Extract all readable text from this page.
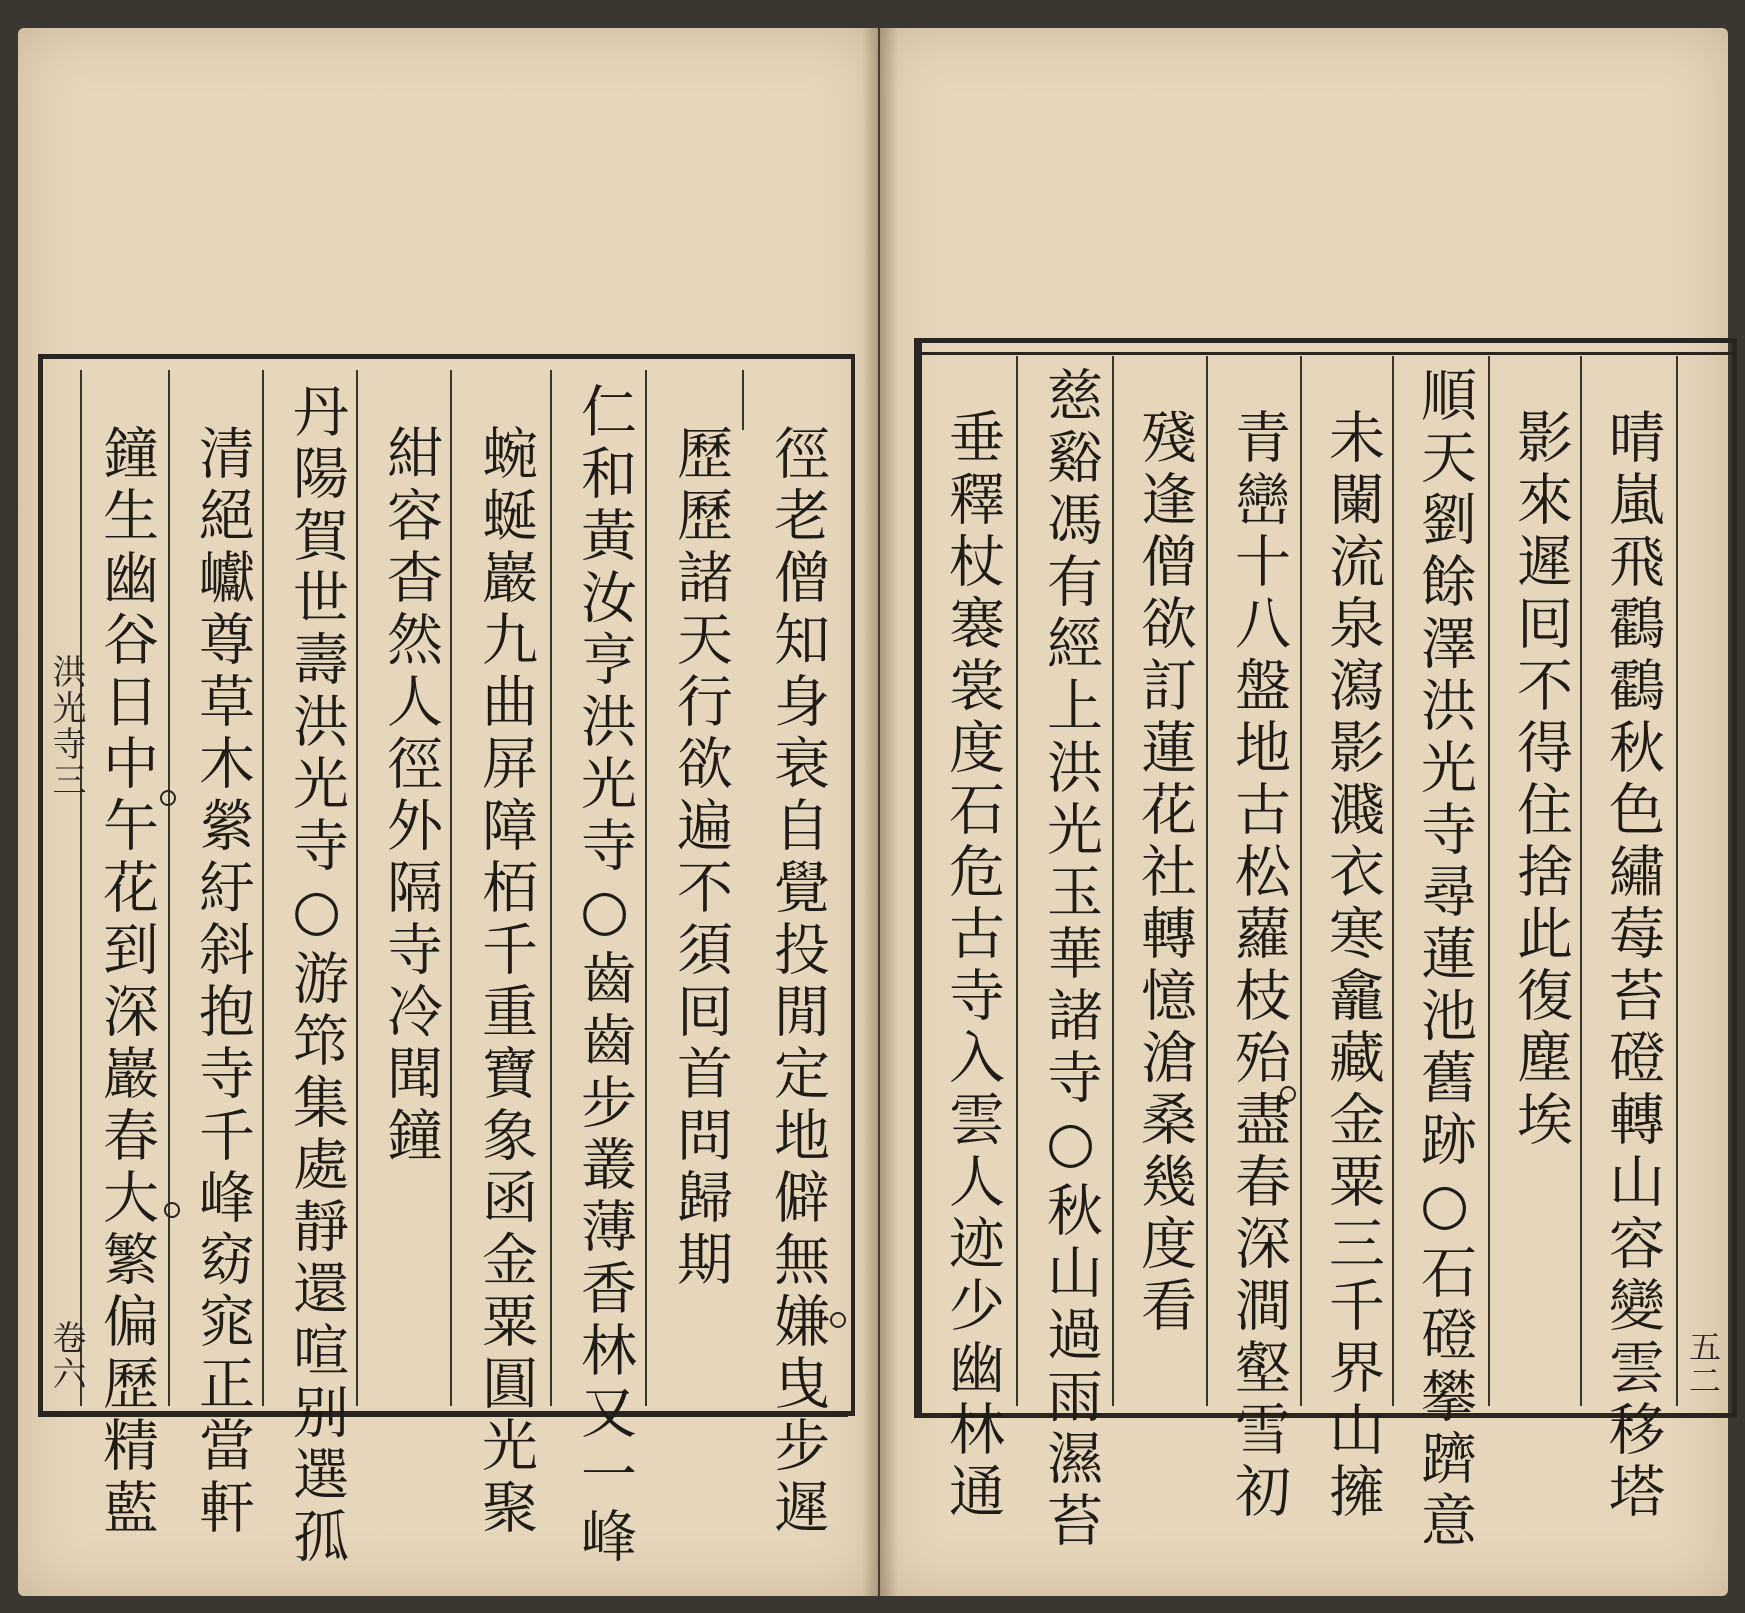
徑老僧知身衰自覺投閒定地僻無嫌曳步遲
歷歷諸天行欲遍不須囘首問歸期
仁和黃汝亨洪光寺○齒齒步叢薄香林又一峰
蜿蜒巖九曲屏障栢千重寶象函金粟圓光聚
紺容杳然人徑外隔寺冷聞鐘
丹陽賀世壽洪光寺○游筇集處靜還喧别選孤
清絕巘尊草木縈紆斜抱寺千峰窈窕正當軒
鐘生幽谷日中午花到深巖春大繁偏歷精藍
洪光寺三
卷六	晴嵐飛鸖鸖秋色繡莓苔磴轉山容變雲移塔
影來遲囘不得住捨此復塵埃
順天劉餘澤洪光寺尋蓮池舊跡○石磴攀躋意
未闌流泉瀉影濺衣寒龕藏金粟三千界山擁
青巒十八盤地古松蘿枝殆盡春深澗壑雪初
殘逢僧欲訂蓮花社轉憶滄桑幾度看
慈谿馮有經上洪光玉華諸寺○秋山過雨濕苔
垂釋杖褰裳度石危古寺入雲人迹少幽林通	五二
